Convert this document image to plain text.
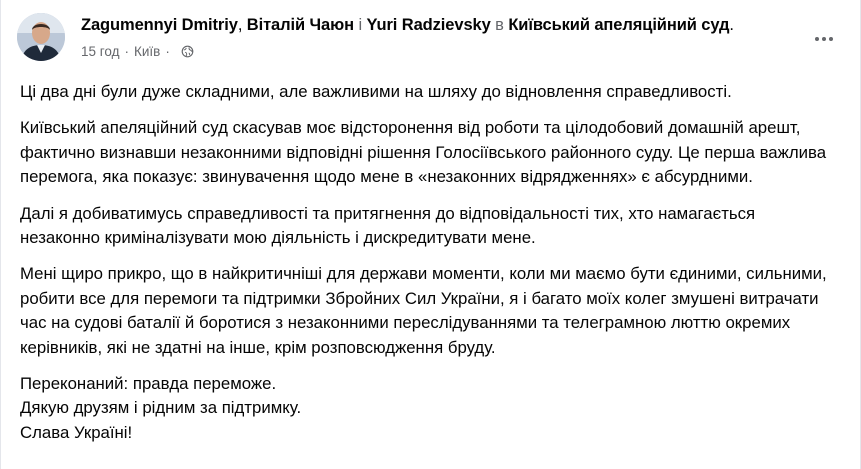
Zagumennyi Dmitriy, Віталій Чаюн і Yuri Radzievsky в Київський апеляційний суд.
15 год · Київ ·

Ці два дні були дуже складними, але важливими на шляху до відновлення справедливості.

Київський апеляційний суд скасував моє відсторонення від роботи та цілодобовий домашній арешт, фактично визнавши незаконними відповідні рішення Голосіївського районного суду. Це перша важлива перемога, яка показує: звинувачення щодо мене в «незаконних відрядженнях» є абсурдними.

Далі я добиватимусь справедливості та притягнення до відповідальності тих, хто намагається незаконно криміналізувати мою діяльність і дискредитувати мене.

Мені щиро прикро, що в найкритичніші для держави моменти, коли ми маємо бути єдиними, сильними, робити все для перемоги та підтримки Збройних Сил України, я і багато моїх колег змушені витрачати час на судові баталії й боротися з незаконними переслідуваннями та телеграмною люттю окремих керівників, які не здатні на інше, крім розповсюдження бруду.

Переконаний: правда переможе.

Дякую друзям і рідним за підтримку.

Слава Україні!
